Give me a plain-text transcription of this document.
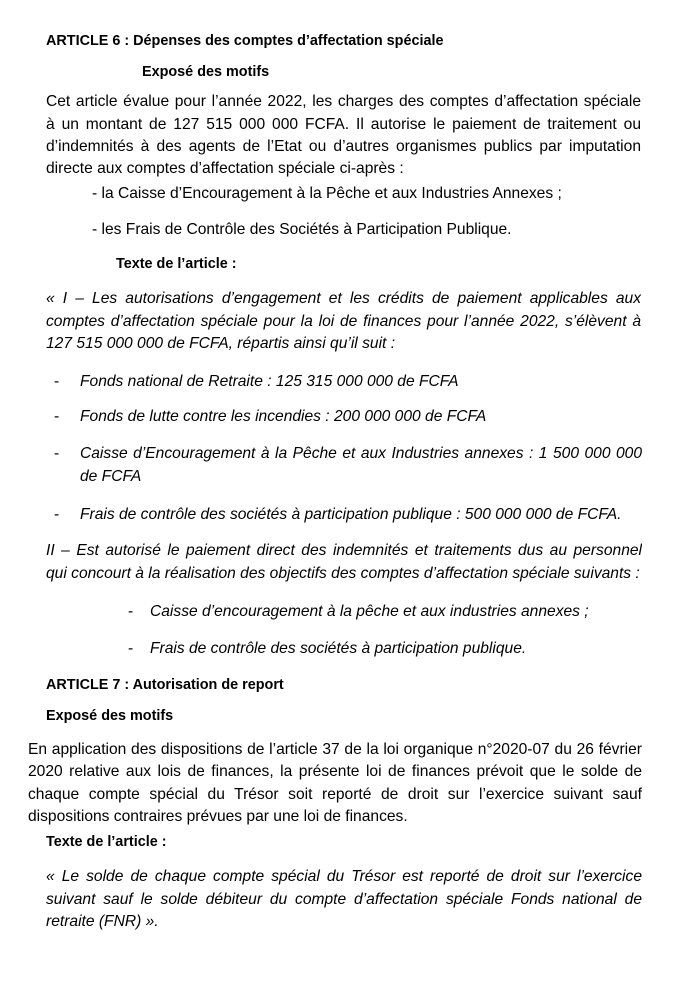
ARTICLE 6 : Dépenses des comptes d’affectation spéciale
Exposé des motifs
Cet article évalue pour l’année 2022, les charges des comptes d’affectation spéciale
à un montant de 127 515 000 000 FCFA. Il autorise le paiement de traitement ou
d’indemnités à des agents de l’Etat ou d’autres organismes publics par imputation
directe aux comptes d’affectation spéciale ci-après :
- la Caisse d’Encouragement à la Pêche et aux Industries Annexes ;
- les Frais de Contrôle des Sociétés à Participation Publique.
Texte de l’article :
« I – Les autorisations d’engagement et les crédits de paiement applicables aux
comptes d’affectation spéciale pour la loi de finances pour l’année 2022, s’élèvent à
127 515 000 000 de FCFA, répartis ainsi qu’il suit :
- Fonds national de Retraite : 125 315 000 000 de FCFA
- Fonds de lutte contre les incendies : 200 000 000 de FCFA
- Caisse d’Encouragement à la Pêche et aux Industries annexes : 1 500 000 000
de FCFA
- Frais de contrôle des sociétés à participation publique : 500 000 000 de FCFA.
II – Est autorisé le paiement direct des indemnités et traitements dus au personnel
qui concourt à la réalisation des objectifs des comptes d’affectation spéciale suivants :
- Caisse d’encouragement à la pêche et aux industries annexes ;
- Frais de contrôle des sociétés à participation publique.
ARTICLE 7 : Autorisation de report
Exposé des motifs
En application des dispositions de l’article 37 de la loi organique n°2020-07 du 26 février
2020 relative aux lois de finances, la présente loi de finances prévoit que le solde de
chaque compte spécial du Trésor soit reporté de droit sur l’exercice suivant sauf
dispositions contraires prévues par une loi de finances.
Texte de l’article :
« Le solde de chaque compte spécial du Trésor est reporté de droit sur l’exercice
suivant sauf le solde débiteur du compte d’affectation spéciale Fonds national de
retraite (FNR) ».
